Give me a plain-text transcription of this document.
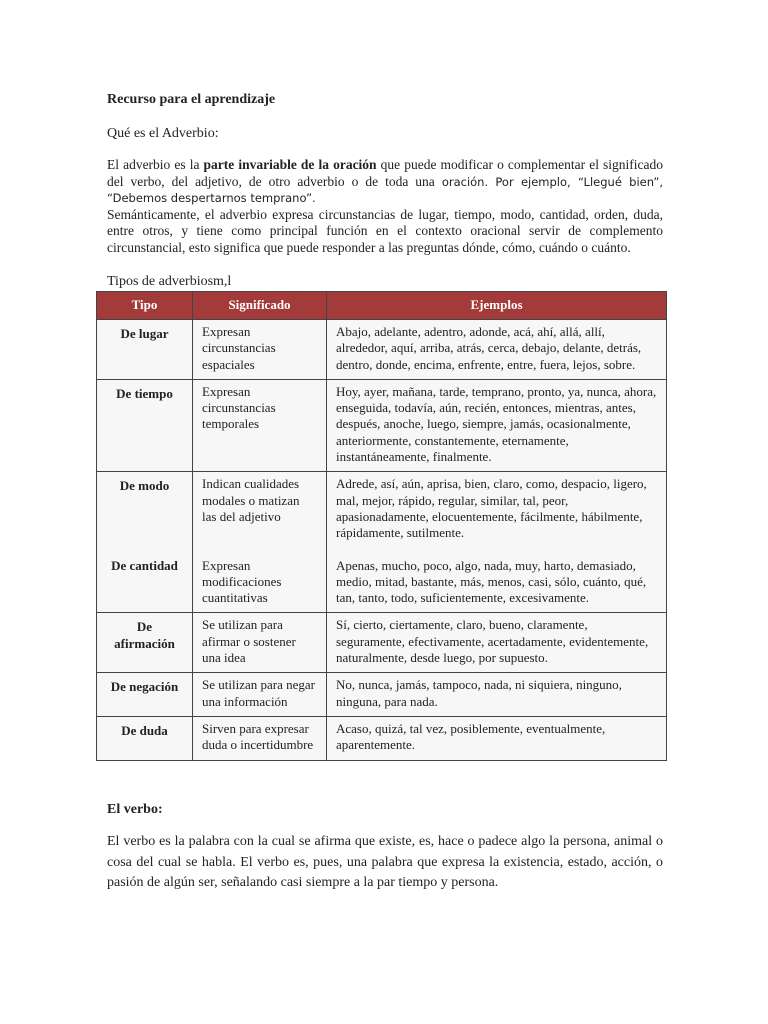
Recurso para el aprendizaje

Qué es el Adverbio:

El adverbio es la parte invariable de la oración que puede modificar o complementar el significado del verbo, del adjetivo, de otro adverbio o de toda una oración. Por ejemplo, “Llegué bien”, “Debemos despertarnos temprano”.
Semánticamente, el adverbio expresa circunstancias de lugar, tiempo, modo, cantidad, orden, duda, entre otros, y tiene como principal función en el contexto oracional servir de complemento circunstancial, esto significa que puede responder a las preguntas dónde, cómo, cuándo o cuánto.

Tipos de adverbiosm,l

Tipo	Significado	Ejemplos
De lugar	Expresan circunstancias espaciales	Abajo, adelante, adentro, adonde, acá, ahí, allá, allí, alrededor, aquí, arriba, atrás, cerca, debajo, delante, detrás, dentro, donde, encima, enfrente, entre, fuera, lejos, sobre.
De tiempo	Expresan circunstancias temporales	Hoy, ayer, mañana, tarde, temprano, pronto, ya, nunca, ahora, enseguida, todavía, aún, recién, entonces, mientras, antes, después, anoche, luego, siempre, jamás, ocasionalmente, anteriormente, constantemente, eternamente, instantáneamente, finalmente.
De modo	Indican cualidades modales o matizan las del adjetivo	Adrede, así, aún, aprisa, bien, claro, como, despacio, ligero, mal, mejor, rápido, regular, similar, tal, peor, apasionadamente, elocuentemente, fácilmente, hábilmente, rápidamente, sutilmente.
De cantidad	Expresan modificaciones cuantitativas	Apenas, mucho, poco, algo, nada, muy, harto, demasiado, medio, mitad, bastante, más, menos, casi, sólo, cuánto, qué, tan, tanto, todo, suficientemente, excesivamente.
De afirmación	Se utilizan para afirmar o sostener una idea	Sí, cierto, ciertamente, claro, bueno, claramente, seguramente, efectivamente, acertadamente, evidentemente, naturalmente, desde luego, por supuesto.
De negación	Se utilizan para negar una información	No, nunca, jamás, tampoco, nada, ni siquiera, ninguno, ninguna, para nada.
De duda	Sirven para expresar duda o incertidumbre	Acaso, quizá, tal vez, posiblemente, eventualmente, aparentemente.

El verbo:

El verbo es la palabra con la cual se afirma que existe, es, hace o padece algo la persona, animal o cosa del cual se habla. El verbo es, pues, una palabra que expresa la existencia, estado, acción, o pasión de algún ser, señalando casi siempre a la par tiempo y persona.
